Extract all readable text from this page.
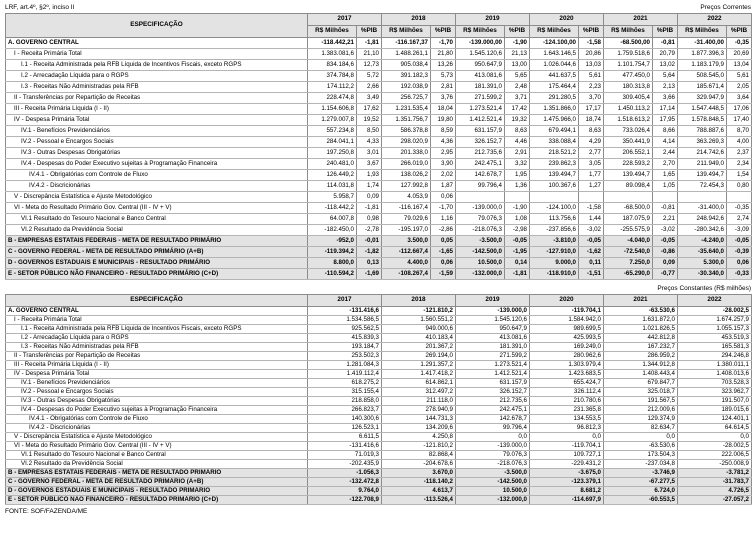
LRF, art.4º, §2º, inciso II	Preços Correntes
ESPECIFICAÇÃO	2017		2018		2019		2020		2021		2022	
	R$ Milhões	%PIB	R$ Milhões	%PIB	R$ Milhões	%PIB	R$ Milhões	%PIB	R$ Milhões	%PIB	R$ Milhões	%PIB
A. GOVERNO CENTRAL	-118.442,21	-1,81	-116.167,37	-1,70	-139.000,00	-1,90	-124.100,00	-1,58	-68.500,00	-0,81	-31.400,00	-0,35
I - Receita Primária Total	1.383.081,6	21,10	1.488.261,1	21,80	1.545.120,6	21,13	1.643.146,5	20,86	1.759.518,6	20,79	1.877.396,3	20,69
I.1 - Receita Administrada pela RFB Líquida de Incentivos Fiscais, exceto RGPS	834.184,6	12,73	905.038,4	13,26	950.647,9	13,00	1.026.044,6	13,03	1.101.754,7	13,02	1.183.179,9	13,04
I.2 - Arrecadação Líquida para o RGPS	374.784,8	5,72	391.182,3	5,73	413.081,6	5,65	441.637,5	5,61	477.450,0	5,64	508.545,0	5,61
I.3 - Receitas Não Administradas pela RFB	174.112,2	2,66	192.038,9	2,81	181.391,0	2,48	175.464,4	2,23	180.313,8	2,13	185.671,4	2,05
II - Transferências por Repartição de Receitas	228.474,8	3,49	256.725,7	3,76	271.599,2	3,71	291.280,5	3,70	309.405,4	3,66	329.947,9	3,64
III - Receita Primária Líquida (I - II)	1.154.606,8	17,62	1.231.535,4	18,04	1.273.521,4	17,42	1.351.866,0	17,17	1.450.113,2	17,14	1.547.448,5	17,06
IV - Despesa Primária Total	1.279.007,8	19,52	1.351.756,7	19,80	1.412.521,4	19,32	1.475.966,0	18,74	1.518.613,2	17,95	1.578.848,5	17,40
IV.1 - Benefícios Previdenciários	557.234,8	8,50	586.378,8	8,59	631.157,9	8,63	679.494,1	8,63	733.026,4	8,66	788.887,6	8,70
IV.2 - Pessoal e Encargos Sociais	284.041,1	4,33	298.020,9	4,36	326.152,7	4,46	338.088,4	4,29	350.441,9	4,14	363.269,3	4,00
IV.3 - Outras Despesas Obrigatórias	197.250,8	3,01	201.338,0	2,95	212.735,6	2,91	218.521,2	2,77	206.552,1	2,44	214.742,6	2,37
IV.4 - Despesas do Poder Executivo sujeitas à Programação Financeira	240.481,0	3,67	266.019,0	3,90	242.475,1	3,32	239.862,3	3,05	228.593,2	2,70	211.949,0	2,34
IV.4.1 - Obrigatórias com Controle de Fluxo	126.449,2	1,93	138.026,2	2,02	142.678,7	1,95	139.494,7	1,77	139.494,7	1,65	139.494,7	1,54
IV.4.2 - Discricionárias	114.031,8	1,74	127.992,8	1,87	99.796,4	1,36	100.367,6	1,27	89.098,4	1,05	72.454,3	0,80
V - Discrepância Estatística e Ajuste Metodológico	5.958,7	0,09	4.053,9	0,06								
VI - Meta do Resultado Primário Gov. Central (III - IV + V)	-118.442,2	-1,81	-116.167,4	-1,70	-139.000,0	-1,90	-124.100,0	-1,58	-68.500,0	-0,81	-31.400,0	-0,35
VI.1 Resultado do Tesouro Nacional e Banco Central	64.007,8	0,98	79.029,6	1,16	79.076,3	1,08	113.756,6	1,44	187.075,9	2,21	248.942,6	2,74
VI.2 Resultado da Previdência Social	-182.450,0	-2,78	-195.197,0	-2,86	-218.076,3	-2,98	-237.856,6	-3,02	-255.575,9	-3,02	-280.342,6	-3,09
B - EMPRESAS ESTATAIS FEDERAIS - META DE RESULTADO PRIMÁRIO	-952,0	-0,01	3.500,0	0,05	-3.500,0	-0,05	-3.810,0	-0,05	-4.040,0	-0,05	-4.240,0	-0,05
C - GOVERNO FEDERAL - META DE RESULTADO PRIMÁRIO (A+B)	-119.394,2	-1,82	-112.667,4	-1,65	-142.500,0	-1,95	-127.910,0	-1,62	-72.540,0	-0,86	-35.640,0	-0,39
D - GOVERNOS ESTADUAIS E MUNICIPAIS - RESULTADO PRIMÁRIO	8.800,0	0,13	4.400,0	0,06	10.500,0	0,14	9.000,0	0,11	7.250,0	0,09	5.300,0	0,06
E - SETOR PÚBLICO NÃO FINANCEIRO - RESULTADO PRIMÁRIO (C+D)	-110.594,2	-1,69	-108.267,4	-1,59	-132.000,0	-1,81	-118.910,0	-1,51	-65.290,0	-0,77	-30.340,0	-0,33
Preços Constantes (R$ milhões)
ESPECIFICAÇÃO	2017	2018	2019	2020	2021	2022
A. GOVERNO CENTRAL	-131.416,6	-121.810,2	-139.000,0	-119.704,1	-63.530,6	-28.002,5
I - Receita Primária Total	1.534.586,5	1.560.551,2	1.545.120,6	1.584.942,0	1.631.872,0	1.674.257,9
I.1 - Receita Administrada pela RFB Líquida de Incentivos Fiscais, exceto RGPS	925.562,5	949.000,6	950.647,9	989.699,5	1.021.826,5	1.055.157,3
I.2 - Arrecadação Líquida para o RGPS	415.839,3	410.183,4	413.081,6	425.993,5	442.812,8	453.519,3
I.3 - Receitas Não Administradas pela RFB	193.184,7	201.367,2	181.391,0	169.249,0	167.232,7	165.581,3
II - Transferências por Repartição de Receitas	253.502,3	269.194,0	271.599,2	280.962,6	286.959,2	294.246,8
III - Receita Primária Líquida (I - II)	1.281.084,3	1.291.357,2	1.273.521,4	1.303.979,4	1.344.912,8	1.380.011,1
IV - Despesa Primária Total	1.419.112,4	1.417.418,2	1.412.521,4	1.423.683,5	1.408.443,4	1.408.013,6
IV.1 - Benefícios Previdenciários	618.275,2	614.862,1	631.157,9	655.424,7	679.847,7	703.528,3
IV.2 - Pessoal e Encargos Sociais	315.155,4	312.497,2	326.152,7	326.112,4	325.018,7	323.962,7
IV.3 - Outras Despesas Obrigatórias	218.858,0	211.118,0	212.735,6	210.780,6	191.567,5	191.507,0
IV.4 - Despesas do Poder Executivo sujeitas à Programação Financeira	266.823,7	278.940,9	242.475,1	231.365,8	212.009,6	189.015,6
IV.4.1 - Obrigatórias com Controle de Fluxo	140.300,6	144.731,3	142.678,7	134.553,5	129.374,9	124.401,1
IV.4.2 - Discricionárias	126.523,1	134.209,6	99.796,4	96.812,3	82.634,7	64.614,5
V - Discrepância Estatística e Ajuste Metodológico	6.611,5	4.250,8	0,0	0,0	0,0	0,0
VI - Meta do Resultado Primário Gov. Central (III - IV + V)	-131.416,6	-121.810,2	-139.000,0	-119.704,1	-63.530,6	-28.002,5
VI.1 Resultado do Tesouro Nacional e Banco Central	71.019,3	82.868,4	79.076,3	109.727,1	173.504,3	222.006,5
VI.2 Resultado da Previdência Social	-202.435,9	-204.678,6	-218.076,3	-229.431,2	-237.034,8	-250.008,9
B - EMPRESAS ESTATAIS FEDERAIS - META DE RESULTADO PRIMÁRIO	-1.056,3	3.670,0	-3.500,0	-3.675,0	-3.746,9	-3.781,2
C - GOVERNO FEDERAL - META DE RESULTADO PRIMÁRIO (A+B)	-132.472,8	-118.140,2	-142.500,0	-123.379,1	-67.277,5	-31.783,7
D - GOVERNOS ESTADUAIS E MUNICIPAIS - RESULTADO PRIMÁRIO	9.764,0	4.613,7	10.500,0	8.681,2	6.724,0	4.726,5
E - SETOR PÚBLICO NÃO FINANCEIRO - RESULTADO PRIMÁRIO (C+D)	-122.708,9	-113.526,4	-132.000,0	-114.697,9	-60.553,5	-27.057,2
FONTE: SOF/FAZENDA/ME
